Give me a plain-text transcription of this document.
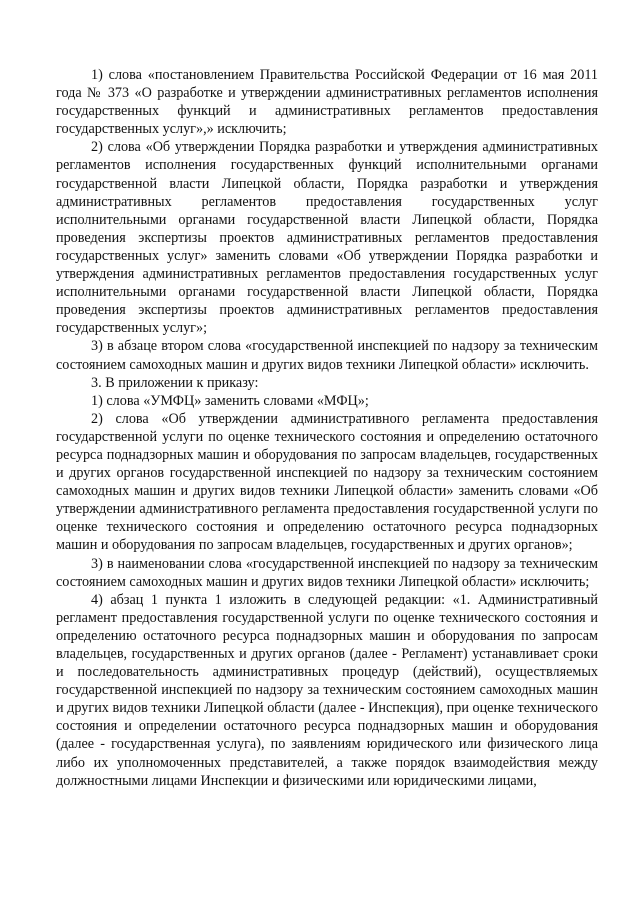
1) слова «постановлением Правительства Российской Федерации от 16 мая 2011 года № 373 «О разработке и утверждении административных регламентов исполнения государственных функций и административных регламентов предоставления государственных услуг»,» исключить;

2) слова «Об утверждении Порядка разработки и утверждения административных регламентов исполнения государственных функций исполнительными органами государственной власти Липецкой области, Порядка разработки и утверждения административных регламентов предоставления государственных услуг исполнительными органами государственной власти Липецкой области, Порядка проведения экспертизы проектов административных регламентов предоставления государственных услуг» заменить словами «Об утверждении Порядка разработки и утверждения административных регламентов предоставления государственных услуг исполнительными органами государственной власти Липецкой области, Порядка проведения экспертизы проектов административных регламентов предоставления государственных услуг»;

3) в абзаце втором слова «государственной инспекцией по надзору за техническим состоянием самоходных машин и других видов техники Липецкой области» исключить.

3. В приложении к приказу:

1) слова «УМФЦ» заменить словами «МФЦ»;

2) слова «Об утверждении административного регламента предоставления государственной услуги по оценке технического состояния и определению остаточного ресурса поднадзорных машин и оборудования по запросам владельцев, государственных и других органов государственной инспекцией по надзору за техническим состоянием самоходных машин и других видов техники Липецкой области» заменить словами «Об утверждении административного регламента предоставления государственной услуги по оценке технического состояния и определению остаточного ресурса поднадзорных машин и оборудования по запросам владельцев, государственных и других органов»;

3) в наименовании слова «государственной инспекцией по надзору за техническим состоянием самоходных машин и других видов техники Липецкой области» исключить;

4) абзац 1 пункта 1 изложить в следующей редакции: «1. Административный регламент предоставления государственной услуги по оценке технического состояния и определению остаточного ресурса поднадзорных машин и оборудования по запросам владельцев, государственных и других органов (далее - Регламент) устанавливает сроки и последовательность административных процедур (действий), осуществляемых государственной инспекцией по надзору за техническим состоянием самоходных машин и других видов техники Липецкой области (далее - Инспекция), при оценке технического состояния и определении остаточного ресурса поднадзорных машин и оборудования (далее - государственная услуга), по заявлениям юридического или физического лица либо их уполномоченных представителей, а также порядок взаимодействия между должностными лицами Инспекции и физическими или юридическими лицами,
